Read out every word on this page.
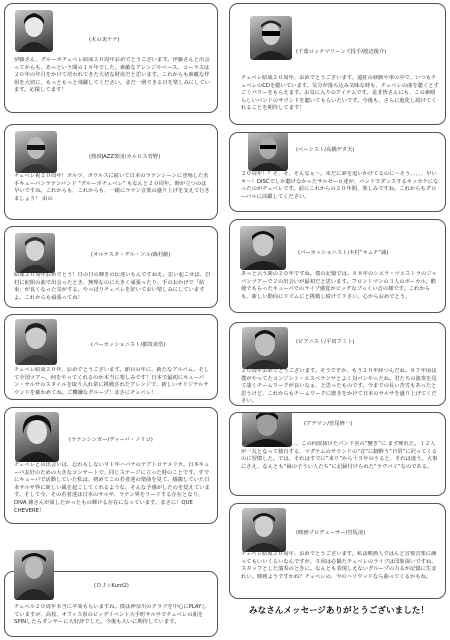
(木の実ナナ)
伊藤さん、グルーポチェベレ結成２０周年おめでとうございます。伊藤さんと出会ってからも、あっという間の１８年でした。素敵なアレンジやベース、コーラスは２０年の年月をかけて培われてきた大切な財産だと思います。これからも素敵な伴侶を大切に、もっともっと飛躍してください。まだ一層できる日を楽しみにしています。応援してます！
(熱帯JAZZ楽団/カルロス菅野)
チェベレ祝２０周年！ボルツ、ボウルスに続いて日本のラテンシーンに登場した若手キューバンラテンバンド "グルーポチェベレ" もなんと２０周年。時が立つのは早いですね。これからも、これからも、一緒にラテン音楽の盛り上げを支えて行きましょう！ 由の
(オルケスタ・デル・ソル/森村献)
結成２０周年おめでとう！日の日の輝きの伝達いもんですねえ。思い起こせば、岩村に紀組の曲で出会ったとき、無理なのに大きく頑張ったり、手のおかげで「結束」が良くなった気がする。やっぱりチェベレを好いておい楽しみにしていますよ。これからも頑張ってね！
(パーカッショニスト/都筑章浩)
チェベレ結成２０年、おめでとうございます。節目の年に、新たなアルバム。そして全国ツアー。何をやってくれるのか本当に楽しみです！日本で最初にキューバン・サルサのスタイルを取り入れ常に挑戦されたアレンジで、新しいオリジナルサウンドを確かめてね。ご機嫌なグループ！まさにチェベレ！
(ラテンシンガー/ディーバ・ノリコ)
チェベレとの出会いは、忘れもしない９１年ハバナのテアトロナメリカ。日本キューバ友好のための大きなコンサートで、同じステージに立った時のことです。すでにキューバで活動していた私は、初めてこの若者達の楽曲を見て、感激していた日本サルサ界に新しい風を起こしてくれるような、そんな予感がしたのを覚えています。そして今、その若者達は日本のサルサ、ラテン界をリードする存在となり、DIVA 雑さんが成したかったもの輝ける存在になっています。まさに！QUE CHEVERE！
チェベル２０周年本当に卒業もらいますね。僕は神奈川のクラブを中心にPLAYしていますが、高校、オフィス県のビッグイベント大手町サルサでチェベレの曲をSPINしたらダンサーに大好評でした。今後も大いに期待しています。
(ＤＪ☆Kunt2)
(千葉ロッテマリーンズ投手/渡辺俊介)
チェベレ結成２０周年、おめでとうございます。遠征の移動や車の中で、いつもチェベレのCDを聴いています。気分が落ち込み気味な時も、チェベレの曲を聴くとすごくパワーをもらえます。お気に入りのアイテムです。是非皆さんにも、この素晴らしいバンドのサウンドを聴いてもらいたいです。今後も、さらに進化し続けてくれることを期待してます！
(ベーシスト/高橋ゲタ夫)
２０周年！？そ、そ、そんなぁ〜。未だに夢を追いかけてるのに〜そう、、、、、早いキ〜！DISCでしか聴けなかったサルセーロ達が、バンドでダンスするキッカケになったのがチェベレです。前にこれからの２０年間、楽しみですね。これからもグローバルに活躍してください。
(パーカッショニスト/木村“キムチ”誠)
あっと云う間の２０年ですね。僕の記憶では、８８年のシエラ・マエストラのジャパンツアーで２の出会いが最初だと思います。フロントマンの３人のボーカル。酷使でもらったキューバでのライブ感覚がビッグなブっくい音の様です。これからも、新しい動向にリズムにと挑戦し続けて下さい。心からおめでとう。
(ピアニスト/平田フミト)
２０周年おめでとうございます。そうですか、もう２０年経つんだね。８７年頃は僕がやってたコンジント・エスペランサとよく対バンやったね。君たちの演奏を見て凄くチームワークが良いなぁ、と思ったものです。今までの長い苦労もあったと思うけど、これからもチームワークに磨きをかけて日本のサルサを盛り上げてください。
(アデマン/菅尾修一)
グルーポ・チェベレ。、、、この何故抜けたバンド名の“響き”に まず痺れた。１２人が一丸となって独自する、マグテムのサウンドの“音”に脚酔う“日常”に沢ってくるのに習慣した。では、それはすでに“来り”から十５年のうると、それは違う。大事にさえ、なんとも“縁の子うい人たち”に記録付けられた“ラヴバイ”なのである。
(映画プロデューサー/宮坂凌)
チェベレ結成２０周年、おめでとうございます。私は映画人ではんど音楽音楽に疎ってもいいくらいなんですが、５回は必観たチェベレのライブは印象深いですね。スタッフとした演奏のときに。なんとも表現しえないグループの力るが記憶に生まれい。映画ようですかね？チェベレの、今のハリウッドなら曲ってくるかもね。
みなさんメッセージありがとうございました！
